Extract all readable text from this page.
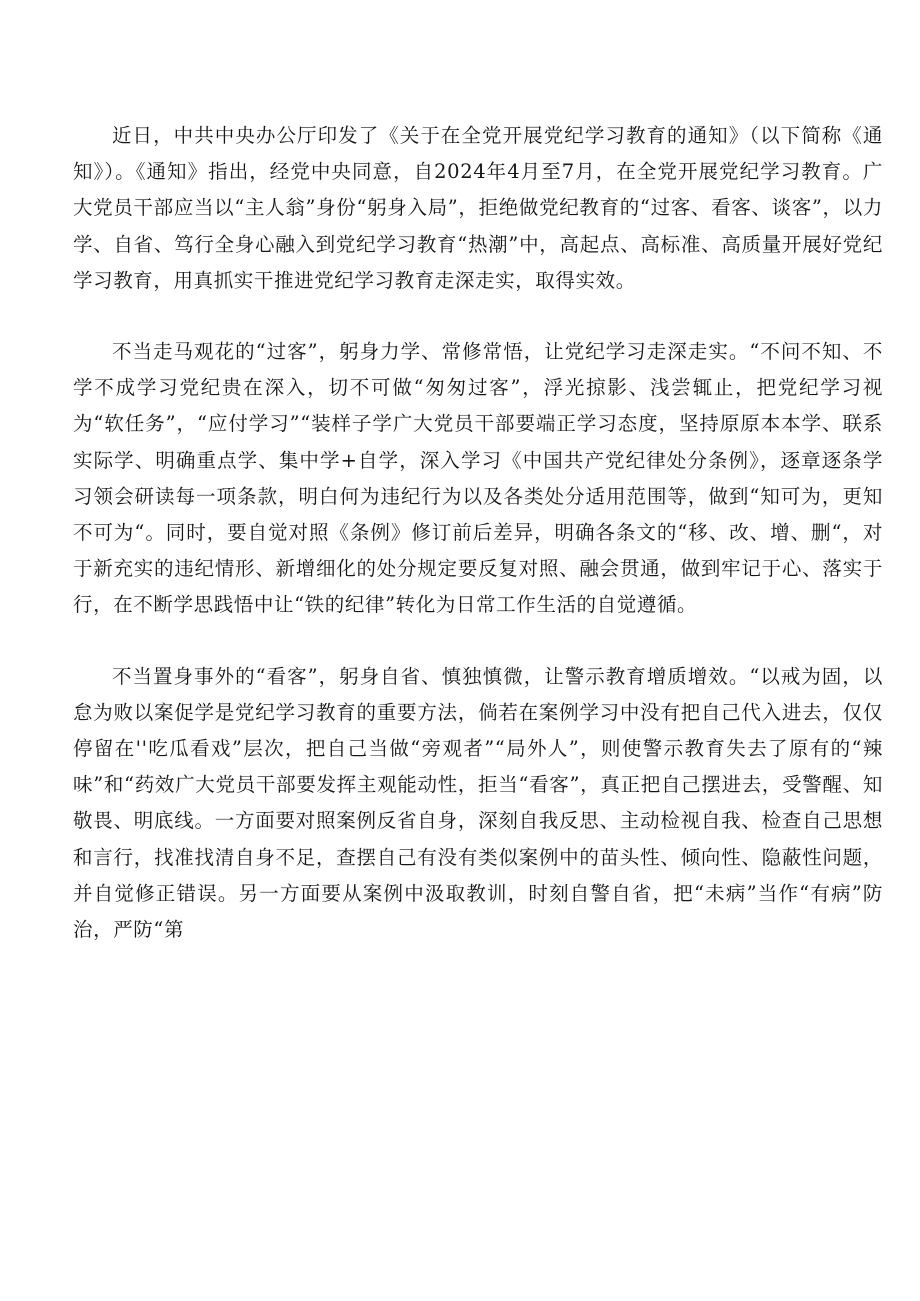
近日，中共中央办公厅印发了《关于在全党开展党纪学习教育的通知》（以下简称《通知》）。《通知》指出，经党中央同意，自2024年4月至7月，在全党开展党纪学习教育。广大党员干部应当以“主人翁”身份“躬身入局”，拒绝做党纪教育的“过客、看客、谈客”，以力学、自省、笃行全身心融入到党纪学习教育“热潮”中，高起点、高标准、高质量开展好党纪学习教育，用真抓实干推进党纪学习教育走深走实，取得实效。

不当走马观花的“过客”，躬身力学、常修常悟，让党纪学习走深走实。“不问不知、不学不成学习党纪贵在深入，切不可做“匆匆过客”，浮光掠影、浅尝辄止，把党纪学习视为“软任务”，“应付学习”“装样子学广大党员干部要端正学习态度，坚持原原本本学、联系实际学、明确重点学、集中学+自学，深入学习《中国共产党纪律处分条例》，逐章逐条学习领会研读每一项条款，明白何为违纪行为以及各类处分适用范围等，做到“知可为，更知不可为“。同时，要自觉对照《条例》修订前后差异，明确各条文的“移、改、增、删“，对于新充实的违纪情形、新增细化的处分规定要反复对照、融会贯通，做到牢记于心、落实于行，在不断学思践悟中让“铁的纪律”转化为日常工作生活的自觉遵循。

不当置身事外的“看客”，躬身自省、慎独慎微，让警示教育增质增效。“以戒为固，以怠为败以案促学是党纪学习教育的重要方法，倘若在案例学习中没有把自己代入进去，仅仅停留在''吃瓜看戏”层次，把自己当做“旁观者”“局外人”，则使警示教育失去了原有的“辣味”和“药效广大党员干部要发挥主观能动性，拒当“看客”，真正把自己摆进去，受警醒、知敬畏、明底线。一方面要对照案例反省自身，深刻自我反思、主动检视自我、检查自己思想和言行，找准找清自身不足，查摆自己有没有类似案例中的苗头性、倾向性、隐蔽性问题，并自觉修正错误。另一方面要从案例中汲取教训，时刻自警自省，把“未病”当作“有病”防治，严防“第
